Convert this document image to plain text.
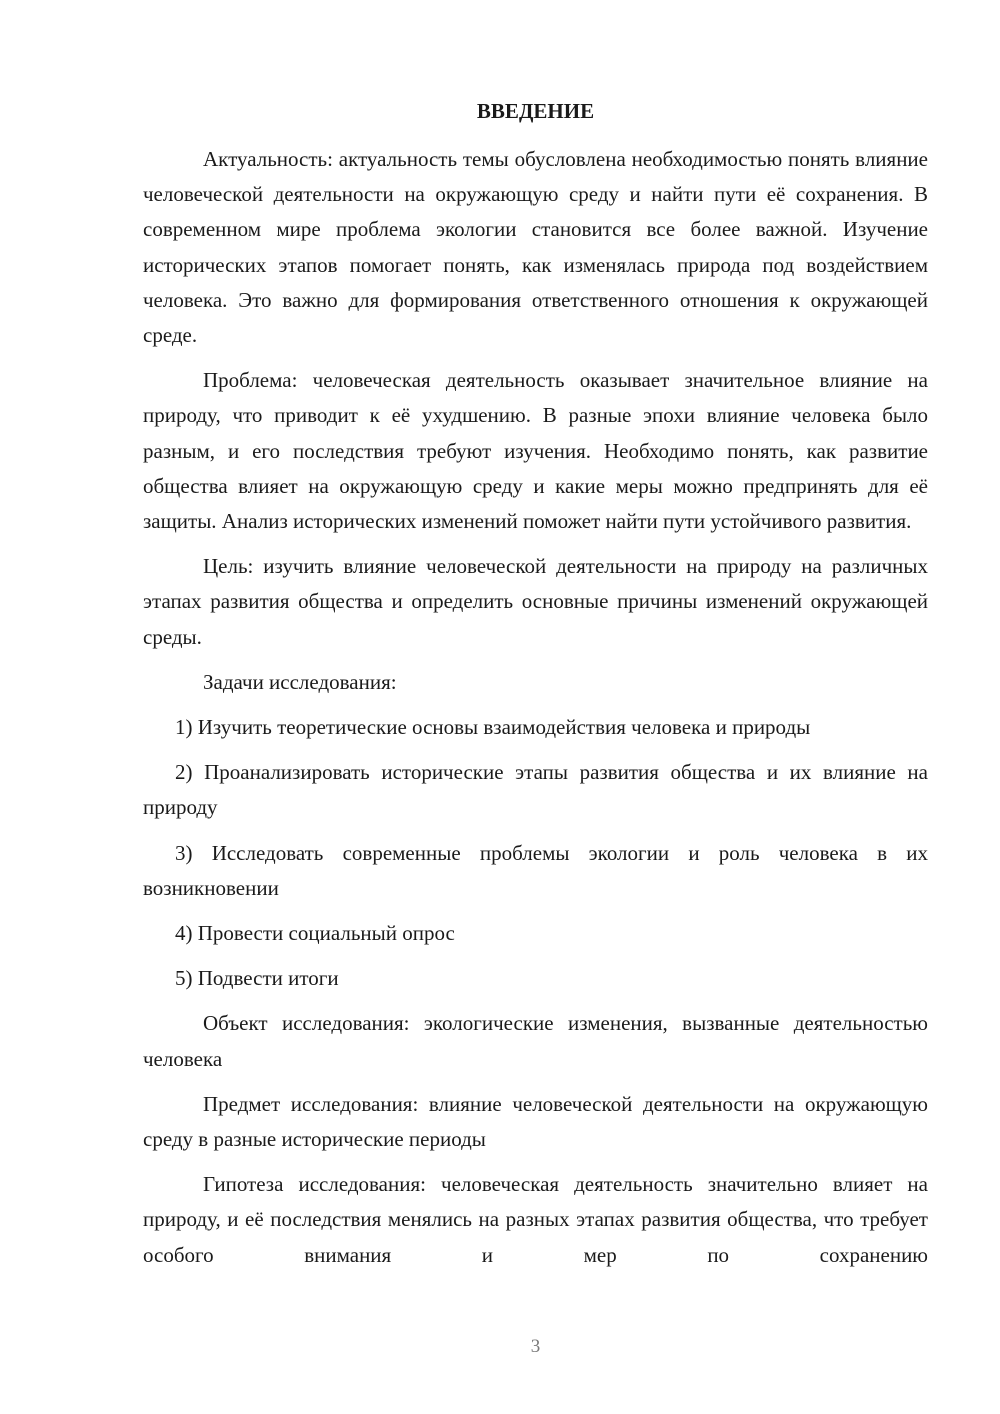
ВВЕДЕНИЕ

Актуальность: актуальность темы обусловлена необходимостью понять влияние человеческой деятельности на окружающую среду и найти пути её сохранения. В современном мире проблема экологии становится все более важной. Изучение исторических этапов помогает понять, как изменялась природа под воздействием человека. Это важно для формирования ответственного отношения к окружающей среде.

Проблема: человеческая деятельность оказывает значительное влияние на природу, что приводит к её ухудшению. В разные эпохи влияние человека было разным, и его последствия требуют изучения. Необходимо понять, как развитие общества влияет на окружающую среду и какие меры можно предпринять для её защиты. Анализ исторических изменений поможет найти пути устойчивого развития.

Цель: изучить влияние человеческой деятельности на природу на различных этапах развития общества и определить основные причины изменений окружающей среды.

Задачи исследования:

1) Изучить теоретические основы взаимодействия человека и природы

2) Проанализировать исторические этапы развития общества и их влияние на природу

3) Исследовать современные проблемы экологии и роль человека в их возникновении

4) Провести социальный опрос

5) Подвести итоги

Объект исследования: экологические изменения, вызванные деятельностью человека

Предмет исследования: влияние человеческой деятельности на окружающую среду в разные исторические периоды

Гипотеза исследования: человеческая деятельность значительно влияет на природу, и её последствия менялись на разных этапах развития общества, что требует особого внимания и мер по сохранению

3
